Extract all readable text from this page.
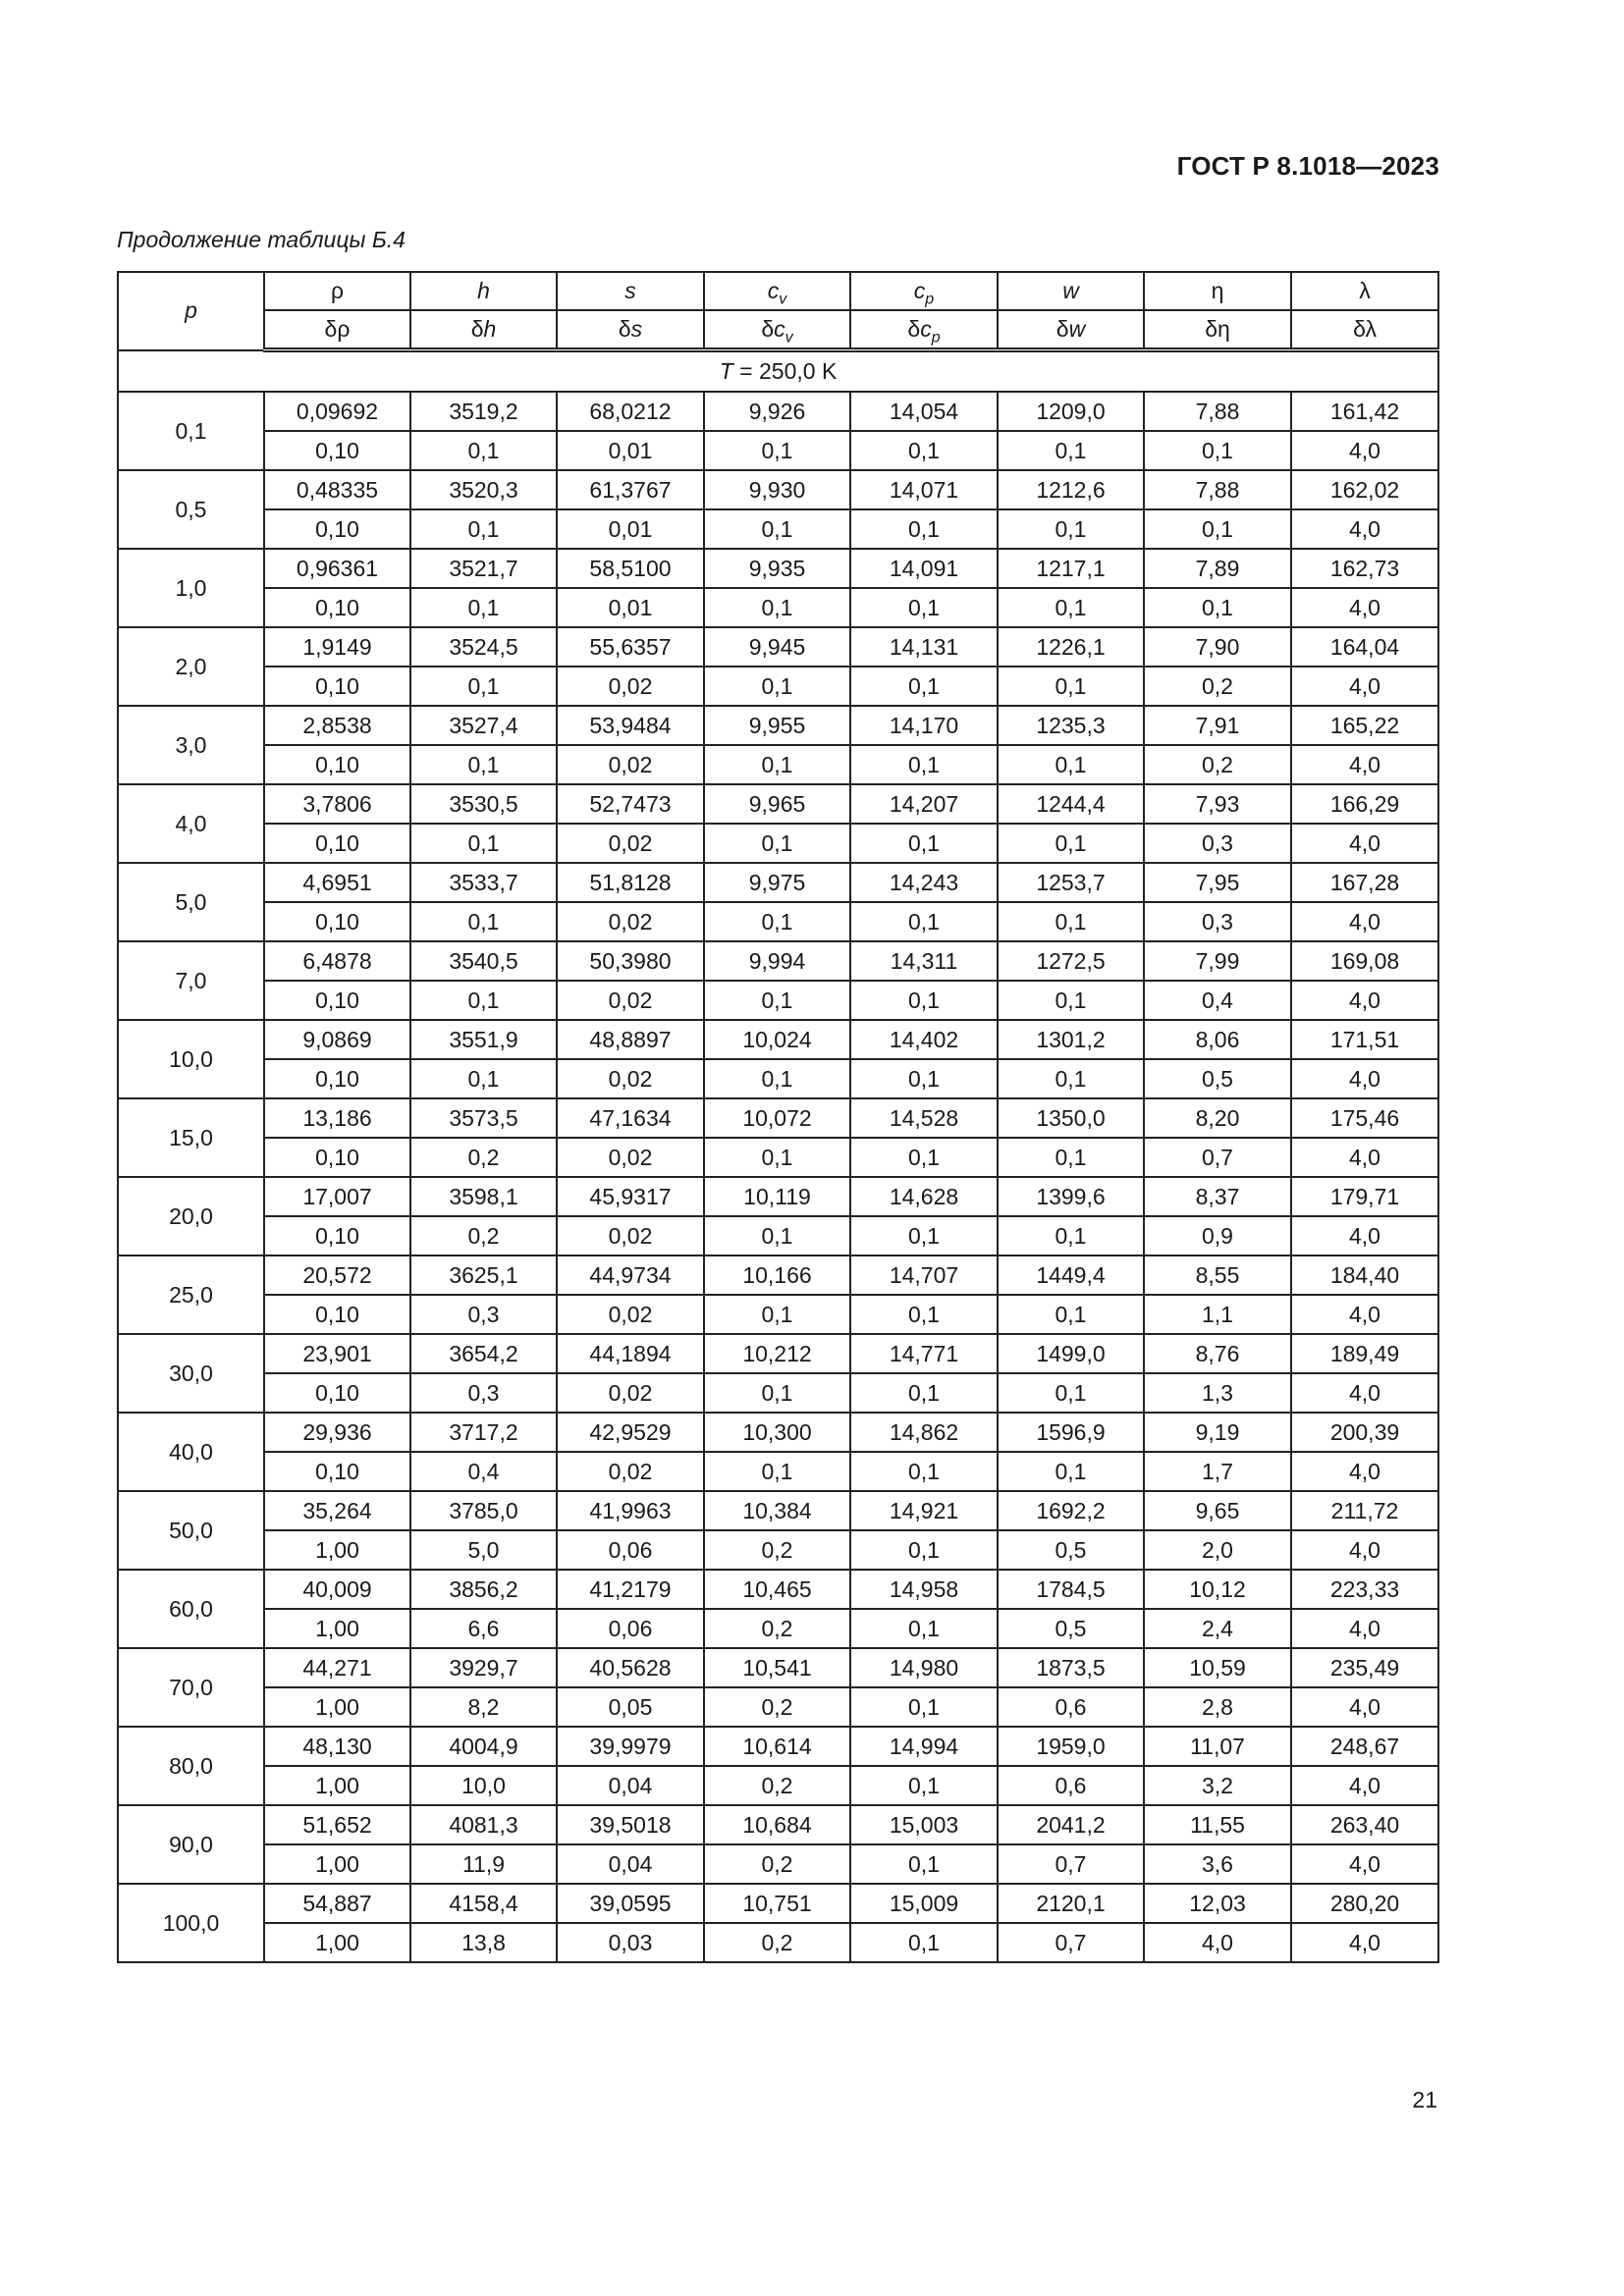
ГОСТ Р 8.1018—2023
Продолжение таблицы Б.4
p	ρ	h	s	$c_v$	$c_p$	w	η	λ
	δρ	δh	δs	$\delta c_v$	$\delta c_p$	δw	δη	δλ
T = 250,0 K								
0,1	0,09692	3519,2	68,0212	9,926	14,054	1209,0	7,88	161,42
	0,10	0,1	0,01	0,1	0,1	0,1	0,1	4,0
0,5	0,48335	3520,3	61,3767	9,930	14,071	1212,6	7,88	162,02
	0,10	0,1	0,01	0,1	0,1	0,1	0,1	4,0
1,0	0,96361	3521,7	58,5100	9,935	14,091	1217,1	7,89	162,73
	0,10	0,1	0,01	0,1	0,1	0,1	0,1	4,0
2,0	1,9149	3524,5	55,6357	9,945	14,131	1226,1	7,90	164,04
	0,10	0,1	0,02	0,1	0,1	0,1	0,2	4,0
3,0	2,8538	3527,4	53,9484	9,955	14,170	1235,3	7,91	165,22
	0,10	0,1	0,02	0,1	0,1	0,1	0,2	4,0
4,0	3,7806	3530,5	52,7473	9,965	14,207	1244,4	7,93	166,29
	0,10	0,1	0,02	0,1	0,1	0,1	0,3	4,0
5,0	4,6951	3533,7	51,8128	9,975	14,243	1253,7	7,95	167,28
	0,10	0,1	0,02	0,1	0,1	0,1	0,3	4,0
7,0	6,4878	3540,5	50,3980	9,994	14,311	1272,5	7,99	169,08
	0,10	0,1	0,02	0,1	0,1	0,1	0,4	4,0
10,0	9,0869	3551,9	48,8897	10,024	14,402	1301,2	8,06	171,51
	0,10	0,1	0,02	0,1	0,1	0,1	0,5	4,0
15,0	13,186	3573,5	47,1634	10,072	14,528	1350,0	8,20	175,46
	0,10	0,2	0,02	0,1	0,1	0,1	0,7	4,0
20,0	17,007	3598,1	45,9317	10,119	14,628	1399,6	8,37	179,71
	0,10	0,2	0,02	0,1	0,1	0,1	0,9	4,0
25,0	20,572	3625,1	44,9734	10,166	14,707	1449,4	8,55	184,40
	0,10	0,3	0,02	0,1	0,1	0,1	1,1	4,0
30,0	23,901	3654,2	44,1894	10,212	14,771	1499,0	8,76	189,49
	0,10	0,3	0,02	0,1	0,1	0,1	1,3	4,0
40,0	29,936	3717,2	42,9529	10,300	14,862	1596,9	9,19	200,39
	0,10	0,4	0,02	0,1	0,1	0,1	1,7	4,0
50,0	35,264	3785,0	41,9963	10,384	14,921	1692,2	9,65	211,72
	1,00	5,0	0,06	0,2	0,1	0,5	2,0	4,0
60,0	40,009	3856,2	41,2179	10,465	14,958	1784,5	10,12	223,33
	1,00	6,6	0,06	0,2	0,1	0,5	2,4	4,0
70,0	44,271	3929,7	40,5628	10,541	14,980	1873,5	10,59	235,49
	1,00	8,2	0,05	0,2	0,1	0,6	2,8	4,0
80,0	48,130	4004,9	39,9979	10,614	14,994	1959,0	11,07	248,67
	1,00	10,0	0,04	0,2	0,1	0,6	3,2	4,0
90,0	51,652	4081,3	39,5018	10,684	15,003	2041,2	11,55	263,40
	1,00	11,9	0,04	0,2	0,1	0,7	3,6	4,0
100,0	54,887	4158,4	39,0595	10,751	15,009	2120,1	12,03	280,20
	1,00	13,8	0,03	0,2	0,1	0,7	4,0	4,0
21
